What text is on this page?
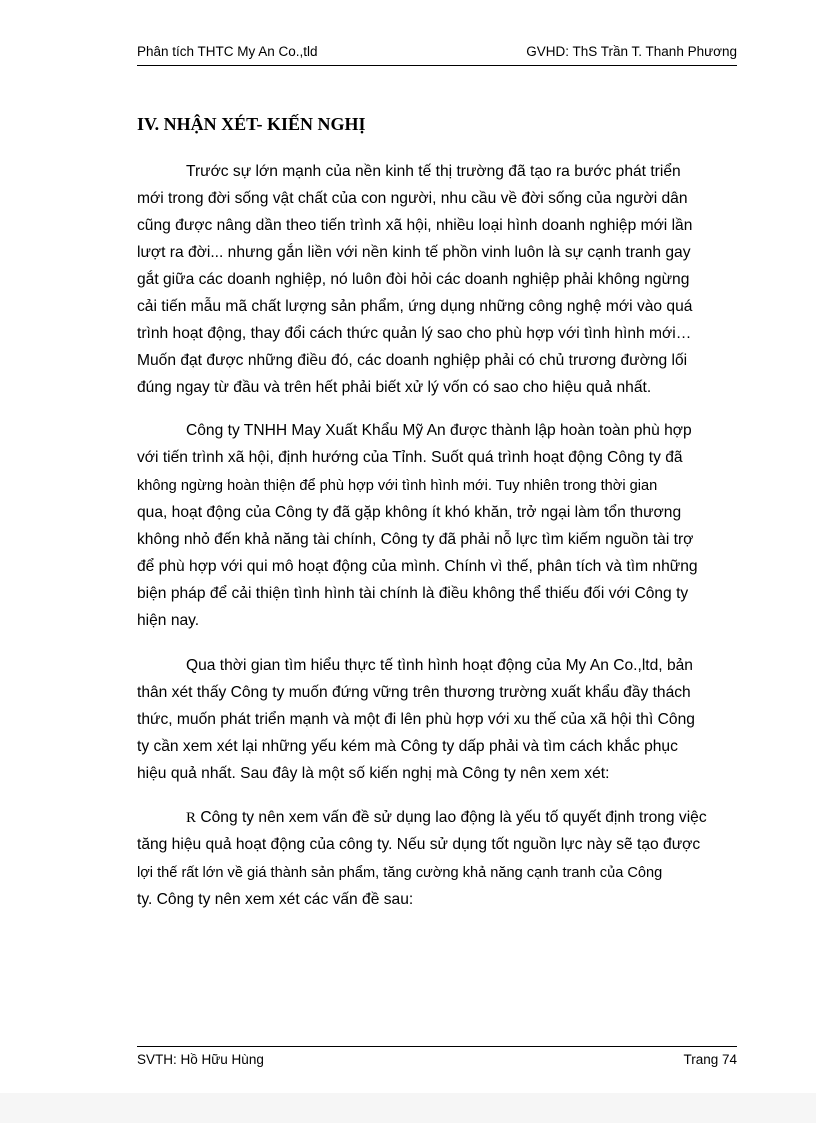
Phân tích THTC My An Co.,tld	GVHD: ThS Trần T. Thanh Phương
IV. NHẬN XÉT- KIẾN NGHỊ
Trước sự lớn mạnh của nền kinh tế thị trường đã tạo ra bước phát triển
mới trong đời sống vật chất của con người, nhu cầu về đời sống của người dân
cũng được nâng dần theo tiến trình xã hội, nhiều loại hình doanh nghiệp mới lần
lượt ra đời... nhưng gắn liền với nền kinh tế phồn vinh luôn là sự cạnh tranh gay
gắt giữa các doanh nghiệp, nó luôn đòi hỏi các doanh nghiệp phải không ngừng
cải tiến mẫu mã chất lượng sản phẩm, ứng dụng những công nghệ mới vào quá
trình hoạt động, thay đổi cách thức quản lý sao cho phù hợp với tình hình mới…
Muốn đạt được những điều đó, các doanh nghiệp phải có chủ trương đường lối
đúng ngay từ đầu và trên hết phải biết xử lý vốn có sao cho hiệu quả nhất.
Công ty TNHH May Xuất Khẩu Mỹ An được thành lập hoàn toàn phù hợp
với tiến trình xã hội, định hướng của Tỉnh. Suốt quá trình hoạt động Công ty đã
không ngừng hoàn thiện để phù hợp với tình hình mới. Tuy nhiên trong thời gian
qua, hoạt động của Công ty đã gặp không ít khó khăn, trở ngại làm tổn thương
không nhỏ đến khả năng tài chính, Công ty đã phải nỗ lực tìm kiếm nguồn tài trợ
để phù hợp với qui mô hoạt động của mình. Chính vì thế, phân tích và tìm những
biện pháp để cải thiện tình hình tài chính là điều không thể thiếu đối với Công ty
hiện nay.
Qua thời gian tìm hiểu thực tế tình hình hoạt động của My An Co.,ltd, bản
thân xét thấy Công ty muốn đứng vững trên thương trường xuất khẩu đầy thách
thức, muốn phát triển mạnh và một đi lên phù hợp với xu thế của xã hội thì Công
ty cần xem xét lại những yếu kém mà Công ty dấp phải và tìm cách khắc phục
hiệu quả nhất. Sau đây là một số kiến nghị mà Công ty nên xem xét:
R Công ty nên xem vấn đề sử dụng lao động là yếu tố quyết định trong việc
tăng hiệu quả hoạt động của công ty. Nếu sử dụng tốt nguồn lực này sẽ tạo được
lợi thế rất lớn về giá thành sản phẩm, tăng cường khả năng cạnh tranh của Công
ty. Công ty nên xem xét các vấn đề sau:
SVTH: Hồ Hữu Hùng	Trang 74
